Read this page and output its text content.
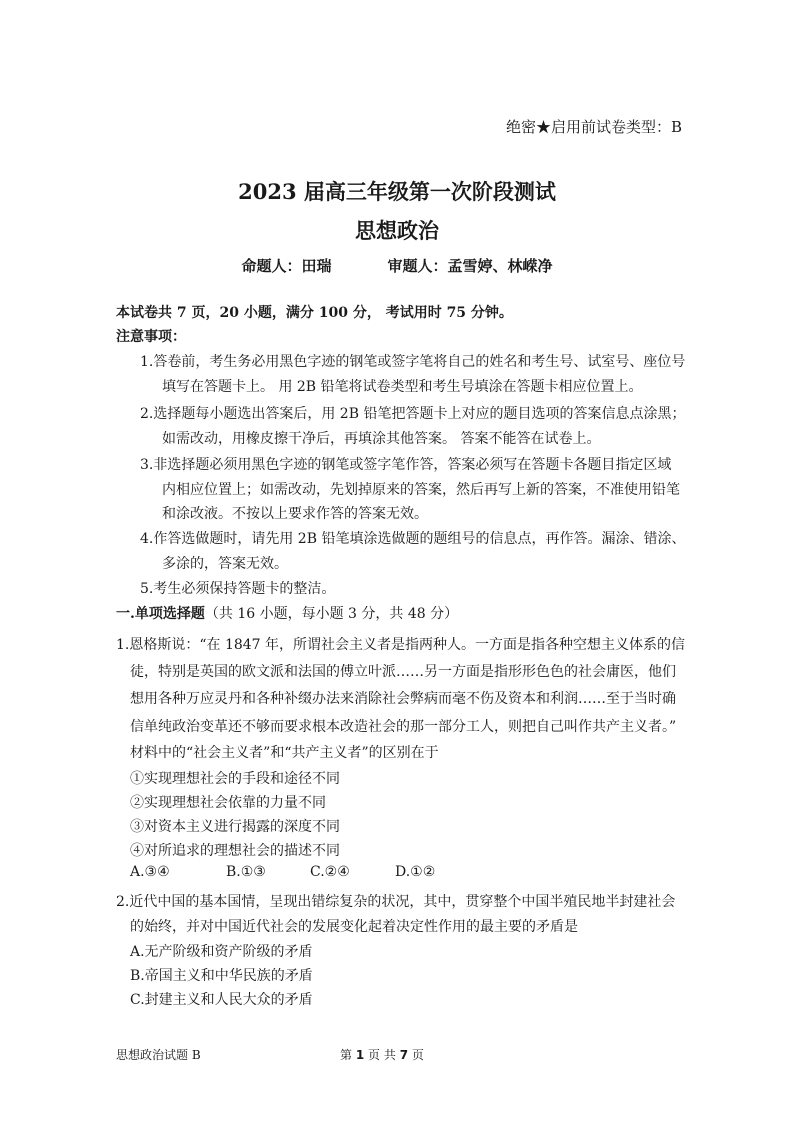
绝密★启用前试卷类型：B
2023 届高三年级第一次阶段测试
思想政治
命题人：田瑞	审题人：孟雪婷、林嵘净
本试卷共 7 页，20 小题，满分 100 分， 考试用时 75 分钟。
注意事项：
1.答卷前，考生务必用黑色字迹的钢笔或签字笔将自己的姓名和考生号、试室号、座位号
填写在答题卡上。 用 2B 铅笔将试卷类型和考生号填涂在答题卡相应位置上。
2.选择题每小题选出答案后，用 2B 铅笔把答题卡上对应的题目选项的答案信息点涂黑；
如需改动，用橡皮擦干净后，再填涂其他答案。 答案不能答在试卷上。
3.非选择题必须用黑色字迹的钢笔或签字笔作答，答案必须写在答题卡各题目指定区域
内相应位置上；如需改动，先划掉原来的答案，然后再写上新的答案，不准使用铅笔
和涂改液。不按以上要求作答的答案无效。
4.作答选做题时，请先用 2B 铅笔填涂选做题的题组号的信息点，再作答。漏涂、错涂、
多涂的，答案无效。
5.考生必须保持答题卡的整洁。
一.单项选择题（共 16 小题，每小题 3 分，共 48 分）
1.恩格斯说：“在 1847 年，所谓社会主义者是指两种人。一方面是指各种空想主义体系的信
徒，特别是英国的欧文派和法国的傅立叶派……另一方面是指形形色色的社会庸医，他们
想用各种万应灵丹和各种补缀办法来消除社会弊病而毫不伤及资本和利润……至于当时确
信单纯政治变革还不够而要求根本改造社会的那一部分工人，则把自己叫作共产主义者。”
材料中的“社会主义者”和“共产主义者”的区别在于
①实现理想社会的手段和途径不同
②实现理想社会依靠的力量不同
③对资本主义进行揭露的深度不同
④对所追求的理想社会的描述不同
A.③④	B.①③	C.②④	D.①②
2.近代中国的基本国情，呈现出错综复杂的状况，其中，贯穿整个中国半殖民地半封建社会
的始终，并对中国近代社会的发展变化起着决定性作用的最主要的矛盾是
A.无产阶级和资产阶级的矛盾
B.帝国主义和中华民族的矛盾
C.封建主义和人民大众的矛盾
思想政治试题 B	第 1 页 共 7 页
